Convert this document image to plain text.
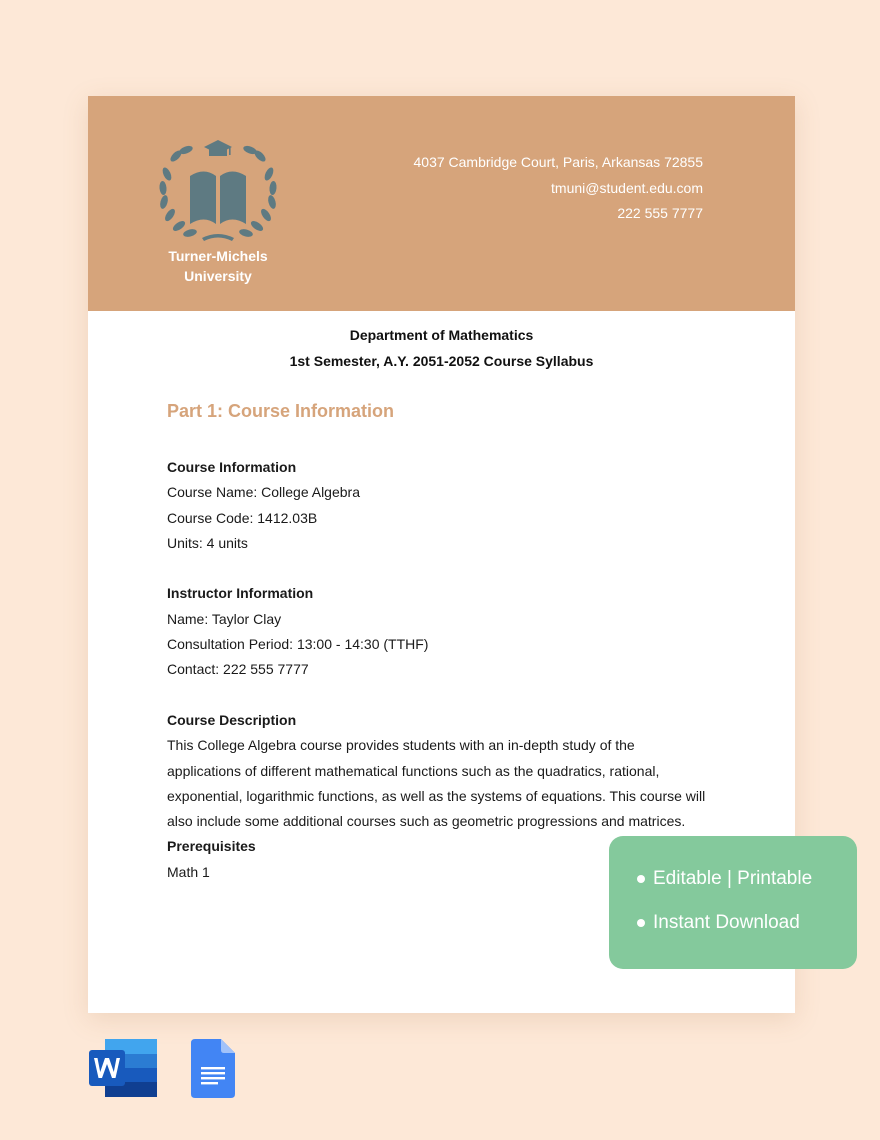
Turner-Michels
University
4037 Cambridge Court, Paris, Arkansas 72855
tmuni@student.edu.com
222 555 7777
Department of Mathematics
1st Semester, A.Y. 2051-2052 Course Syllabus
Part 1: Course Information
Course Information
Course Name: College Algebra
Course Code: 1412.03B
Units: 4 units
Instructor Information
Name: Taylor Clay
Consultation Period: 13:00 - 14:30 (TTHF)
Contact: 222 555 7777
Course Description
This College Algebra course provides students with an in-depth study of the
applications of different mathematical functions such as the quadratics, rational,
exponential, logarithmic functions, as well as the systems of equations. This course will
also include some additional courses such as geometric progressions and matrices.
Prerequisites
Math 1	Editable | Printable
Instant Download
